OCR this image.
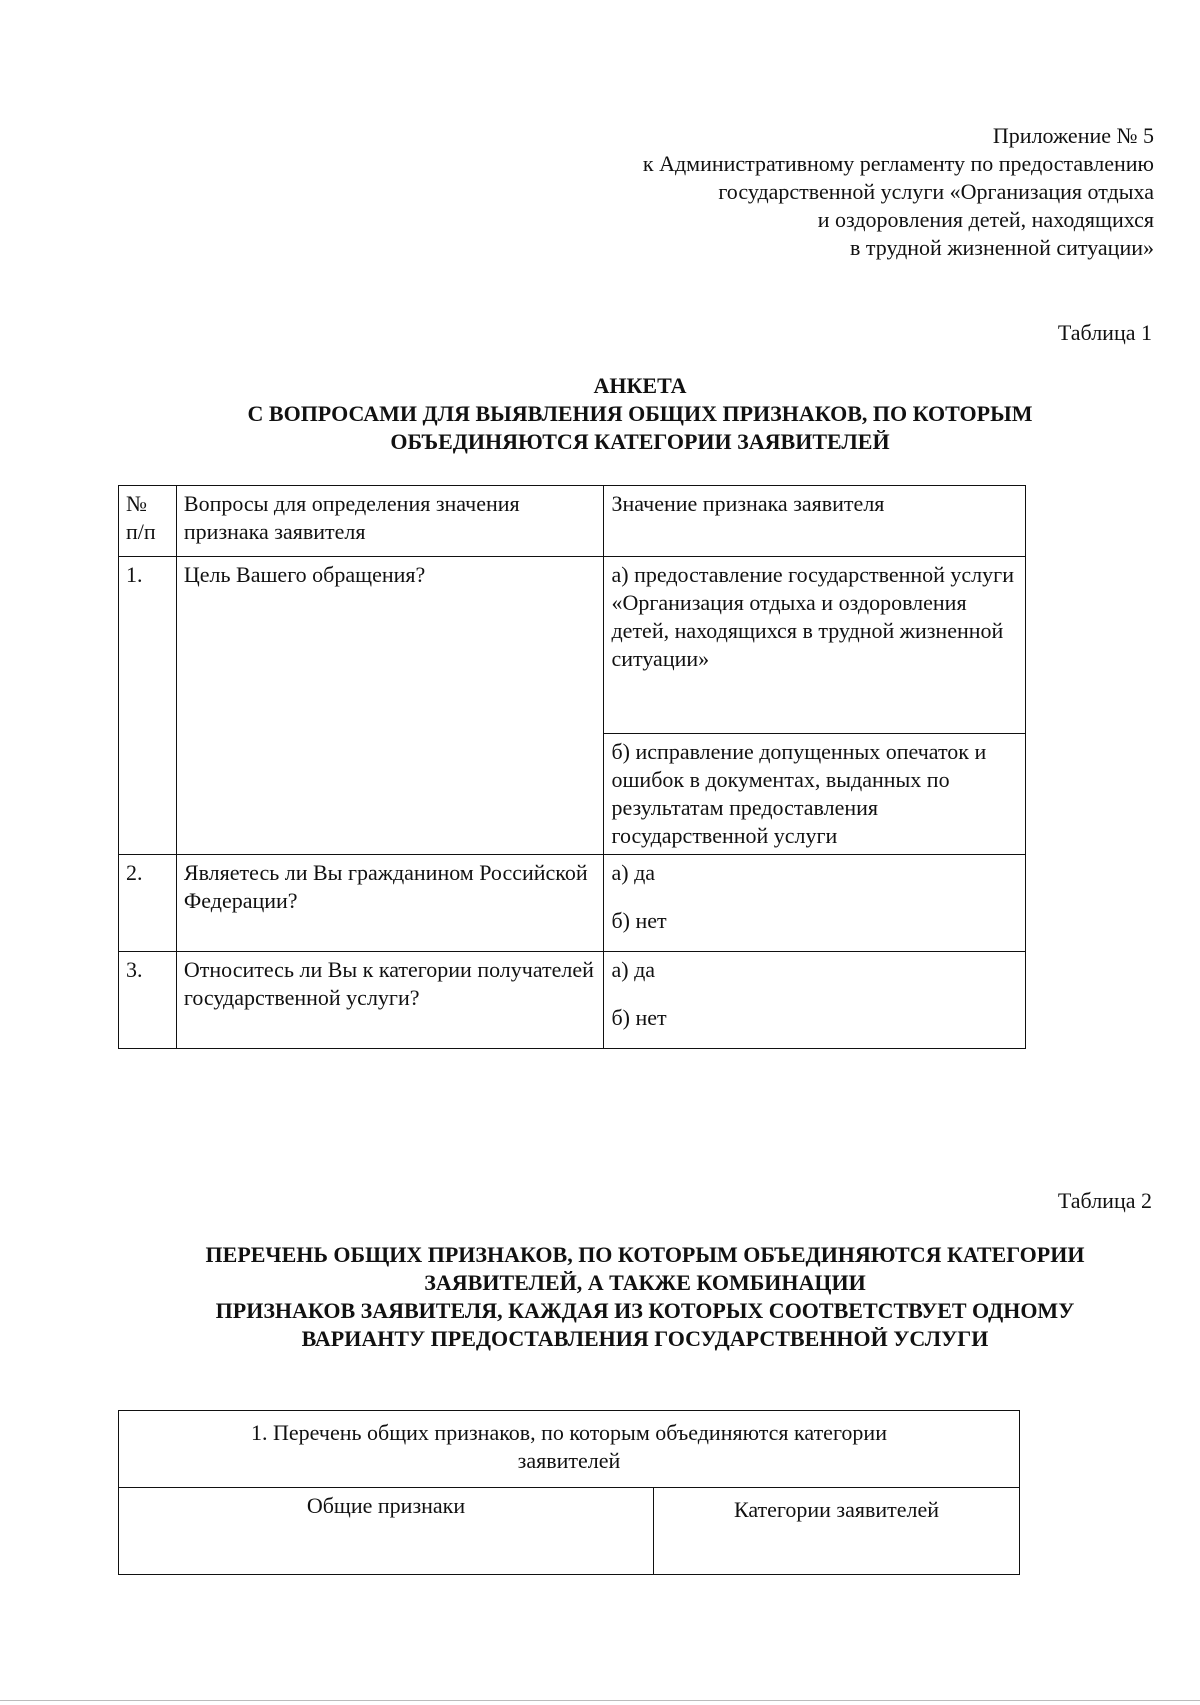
Приложение № 5
к Административному регламенту по предоставлению
государственной услуги «Организация отдыха
и оздоровления детей, находящихся
в трудной жизненной ситуации»
Таблица 1
АНКЕТА
С ВОПРОСАМИ ДЛЯ ВЫЯВЛЕНИЯ ОБЩИХ ПРИЗНАКОВ, ПО КОТОРЫМ
ОБЪЕДИНЯЮТСЯ КАТЕГОРИИ ЗАЯВИТЕЛЕЙ
№ п/п	Вопросы для определения значения признака заявителя	Значение признака заявителя
1.	Цель Вашего обращения?	а) предоставление государственной услуги «Организация отдыха и оздоровления детей, находящихся в трудной жизненной ситуации»

		б) исправление допущенных опечаток и ошибок в документах, выданных по результатам предоставления государственной услуги
2.	Являетесь ли Вы гражданином Российской Федерации?	а) да
б) нет

3.	Относитесь ли Вы к категории получателей государственной услуги?	а) да
б) нет
Таблица 2
ПЕРЕЧЕНЬ ОБЩИХ ПРИЗНАКОВ, ПО КОТОРЫМ ОБЪЕДИНЯЮТСЯ КАТЕГОРИИ
ЗАЯВИТЕЛЕЙ, А ТАКЖЕ КОМБИНАЦИИ
ПРИЗНАКОВ ЗАЯВИТЕЛЯ, КАЖДАЯ ИЗ КОТОРЫХ СООТВЕТСТВУЕТ ОДНОМУ
ВАРИАНТУ ПРЕДОСТАВЛЕНИЯ ГОСУДАРСТВЕННОЙ УСЛУГИ
1. Перечень общих признаков, по которым объединяются категории заявителей
Общие признаки	Категории заявителей
